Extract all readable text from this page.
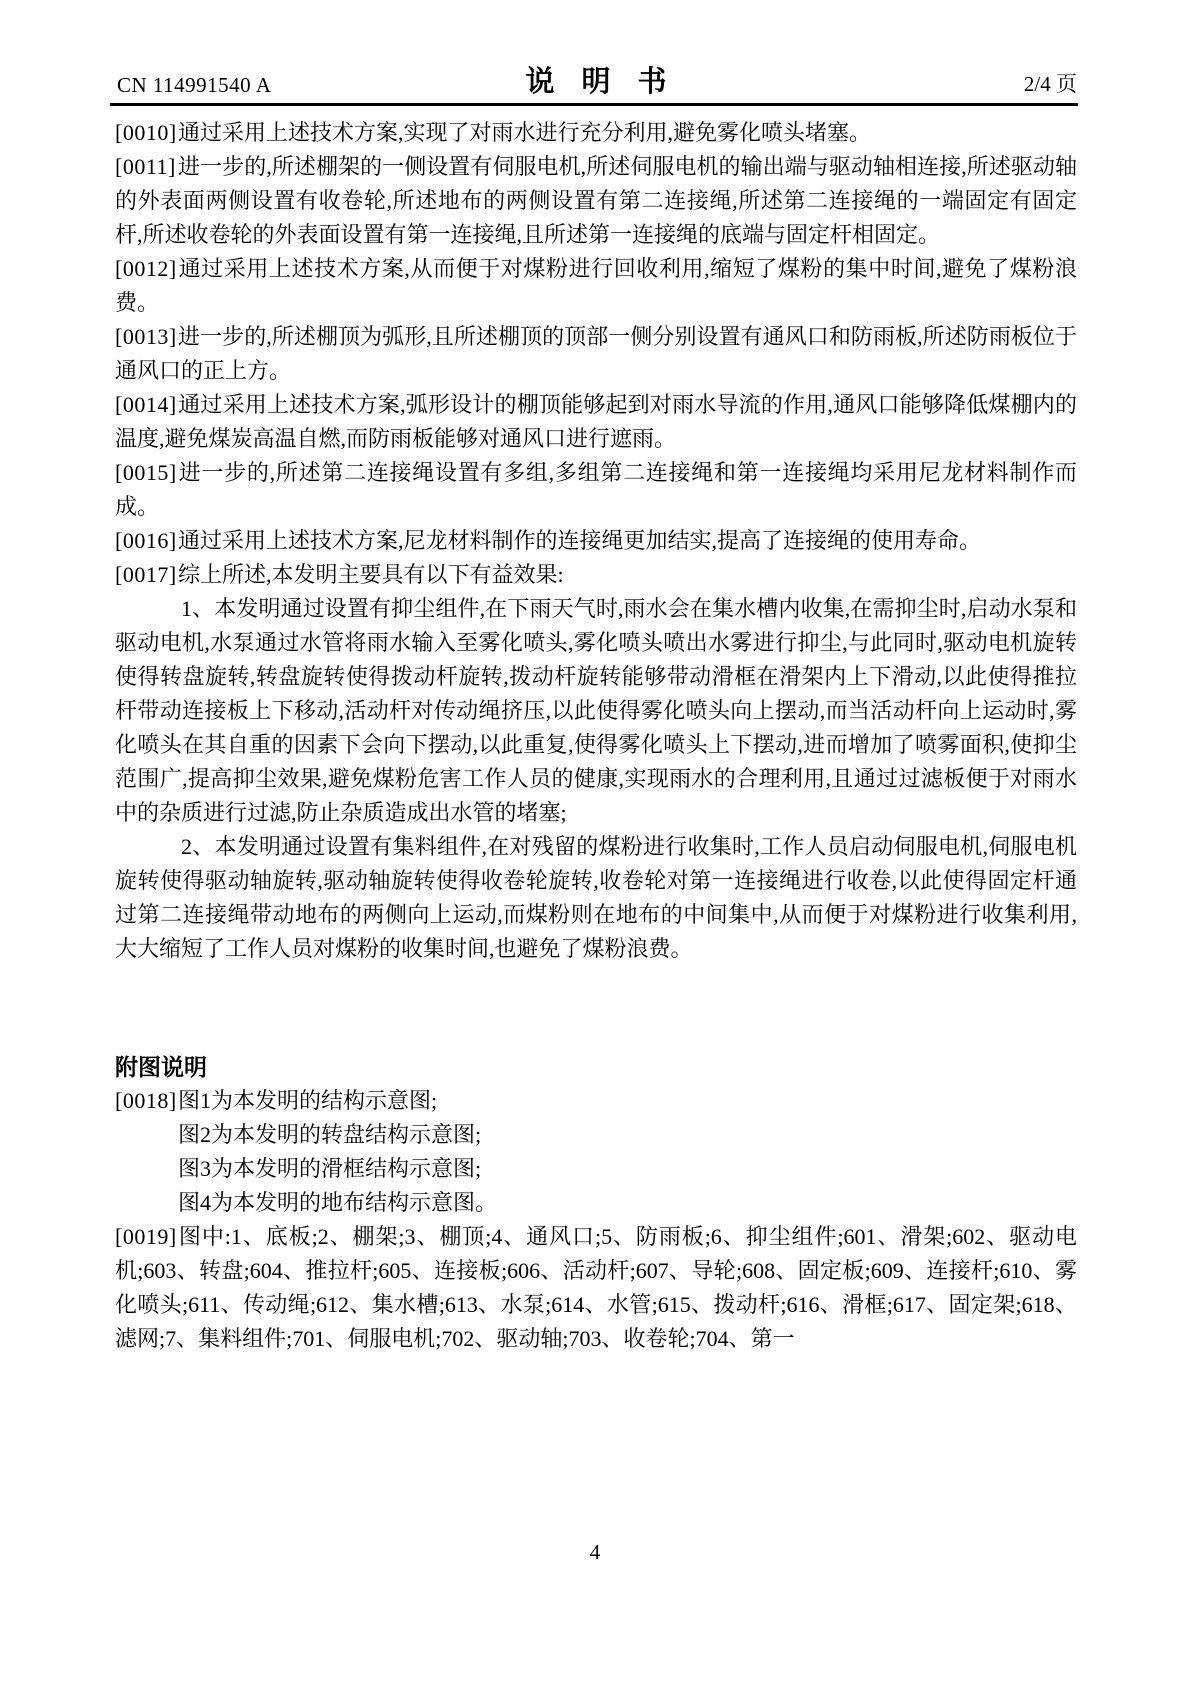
CN 114991540 A	说明书	2/4 页
[0010]通过采用上述技术方案,实现了对雨水进行充分利用,避免雾化喷头堵塞。
[0011]进一步的,所述棚架的一侧设置有伺服电机,所述伺服电机的输出端与驱动轴相连接,所述驱动轴的外表面两侧设置有收卷轮,所述地布的两侧设置有第二连接绳,所述第二连接绳的一端固定有固定杆,所述收卷轮的外表面设置有第一连接绳,且所述第一连接绳的底端与固定杆相固定。
[0012]通过采用上述技术方案,从而便于对煤粉进行回收利用,缩短了煤粉的集中时间,避免了煤粉浪费。
[0013]进一步的,所述棚顶为弧形,且所述棚顶的顶部一侧分别设置有通风口和防雨板,所述防雨板位于通风口的正上方。
[0014]通过采用上述技术方案,弧形设计的棚顶能够起到对雨水导流的作用,通风口能够降低煤棚内的温度,避免煤炭高温自燃,而防雨板能够对通风口进行遮雨。
[0015]进一步的,所述第二连接绳设置有多组,多组第二连接绳和第一连接绳均采用尼龙材料制作而成。
[0016]通过采用上述技术方案,尼龙材料制作的连接绳更加结实,提高了连接绳的使用寿命。
[0017]综上所述,本发明主要具有以下有益效果:
1、本发明通过设置有抑尘组件,在下雨天气时,雨水会在集水槽内收集,在需抑尘时,启动水泵和驱动电机,水泵通过水管将雨水输入至雾化喷头,雾化喷头喷出水雾进行抑尘,与此同时,驱动电机旋转使得转盘旋转,转盘旋转使得拨动杆旋转,拨动杆旋转能够带动滑框在滑架内上下滑动,以此使得推拉杆带动连接板上下移动,活动杆对传动绳挤压,以此使得雾化喷头向上摆动,而当活动杆向上运动时,雾化喷头在其自重的因素下会向下摆动,以此重复,使得雾化喷头上下摆动,进而增加了喷雾面积,使抑尘范围广,提高抑尘效果,避免煤粉危害工作人员的健康,实现雨水的合理利用,且通过过滤板便于对雨水中的杂质进行过滤,防止杂质造成出水管的堵塞;
2、本发明通过设置有集料组件,在对残留的煤粉进行收集时,工作人员启动伺服电机,伺服电机旋转使得驱动轴旋转,驱动轴旋转使得收卷轮旋转,收卷轮对第一连接绳进行收卷,以此使得固定杆通过第二连接绳带动地布的两侧向上运动,而煤粉则在地布的中间集中,从而便于对煤粉进行收集利用,大大缩短了工作人员对煤粉的收集时间,也避免了煤粉浪费。
附图说明
[0018]图1为本发明的结构示意图;
图2为本发明的转盘结构示意图;
图3为本发明的滑框结构示意图;
图4为本发明的地布结构示意图。
[0019]图中:1、底板;2、棚架;3、棚顶;4、通风口;5、防雨板;6、抑尘组件;601、滑架;602、驱动电机;603、转盘;604、推拉杆;605、连接板;606、活动杆;607、导轮;608、固定板;609、连接杆;610、雾化喷头;611、传动绳;612、集水槽;613、水泵;614、水管;615、拨动杆;616、滑框;617、固定架;618、滤网;7、集料组件;701、伺服电机;702、驱动轴;703、收卷轮;704、第一
4
